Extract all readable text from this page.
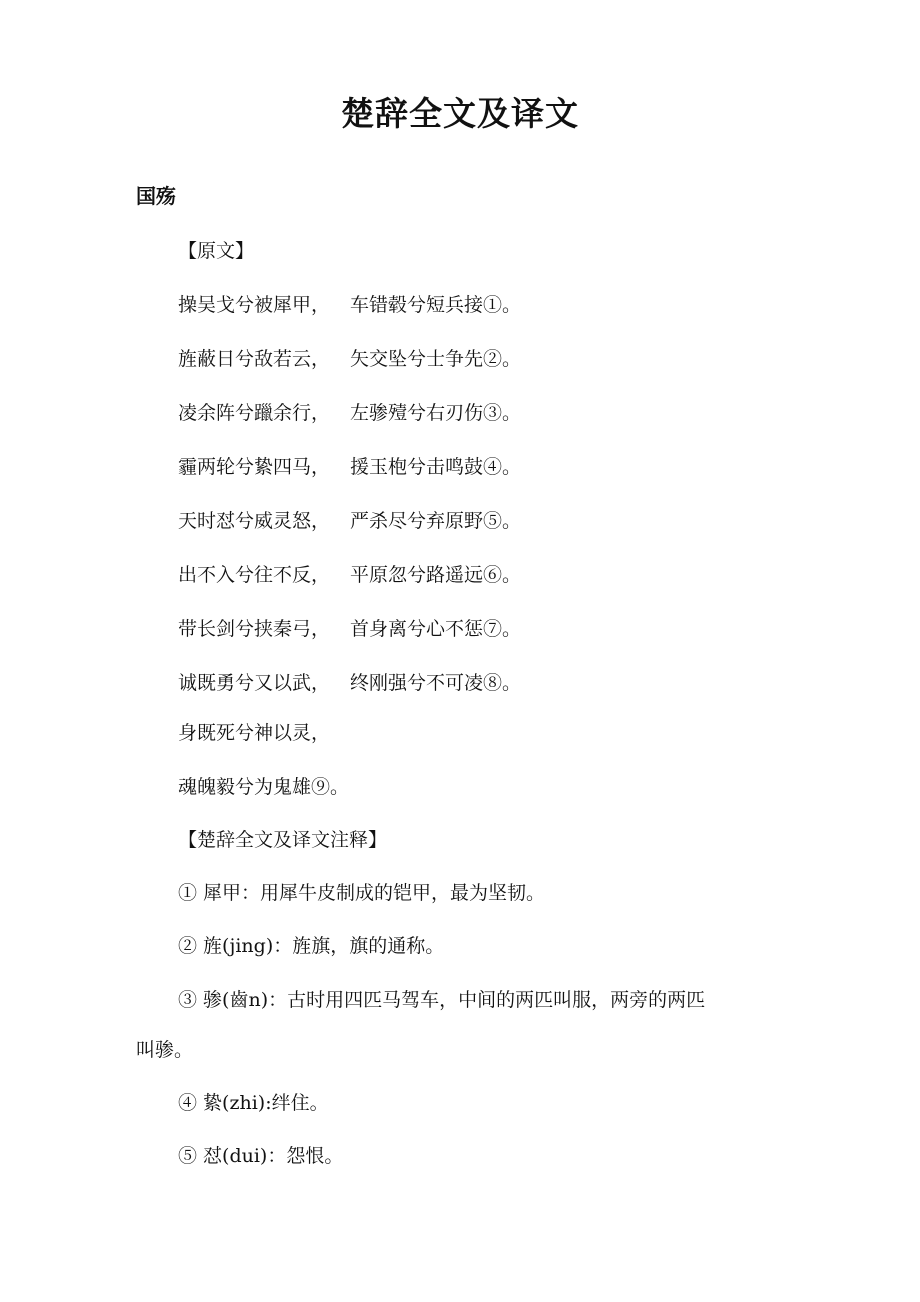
楚辞全文及译文
国殇
【原文】
操吴戈兮被犀甲， 车错毂兮短兵接①。
旌蔽日兮敌若云， 矢交坠兮士争先②。
凌余阵兮躐余行， 左骖殪兮右刃伤③。
霾两轮兮絷四马， 援玉枹兮击鸣鼓④。
天时怼兮威灵怒， 严杀尽兮弃原野⑤。
出不入兮往不反， 平原忽兮路遥远⑥。
带长剑兮挟秦弓， 首身离兮心不惩⑦。
诚既勇兮又以武， 终刚强兮不可凌⑧。
身既死兮神以灵，
魂魄毅兮为鬼雄⑨。
【楚辞全文及译文注释】
① 犀甲：用犀牛皮制成的铠甲，最为坚韧。
② 旌(jing)：旌旗，旗的通称。
③ 骖(齒n)：古时用四匹马驾车，中间的两匹叫服，两旁的两匹
叫骖。
④ 絷(zhi):绊住。
⑤ 怼(dui)：怨恨。
